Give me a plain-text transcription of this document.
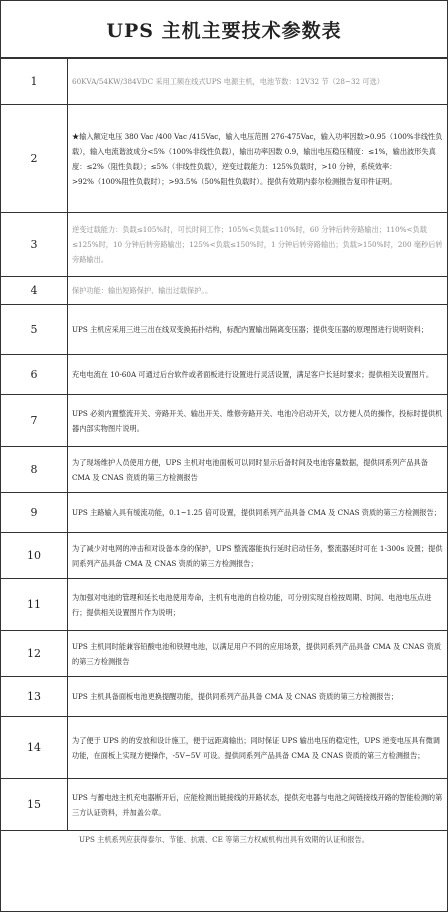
UPS 主机主要技术参数表
1	60KVA/54KW/384VDC 采用工频在线式UPS 电源主机，电池节数：12V32 节（28~32 可选）
2	★输入额定电压 380 Vac /400 Vac /415Vac，输入电压范围 276-475Vac，输入功率因数>0.95（100%非线性负载），输入电流谐波成分<5%（100%非线性负载），输出功率因数 0.9，输出电压稳压精度：≤1%，输出波形失真度：≤2%（阻性负载）；≤5%（非线性负载），逆变过载能力：125%负载时，>10 分钟，系统效率：>92%（100%阻性负载时）；>93.5%（50%阻性负载时）。提供有效期内泰尔检测报告复印件证明。
3	逆变过载能力：负载≤105%时，可长时间工作；105%<负载≤110%时，60 分钟后转旁路输出；110%<负载≤125%时，10 分钟后转旁路输出；125%<负载≤150%时，1 分钟后转旁路输出；负载>150%时，200 毫秒后转旁路输出。
4	保护功能：输出短路保护、输出过载保护。。
5	UPS 主机应采用三进三出在线双变换拓扑结构，标配内置输出隔离变压器；提供变压器的原理图进行说明资料；
6	充电电流在 10-60A 可通过后台软件或者面板进行设置进行灵活设置，满足客户长延时要求；提供相关设置图片。
7	UPS 必须内置整流开关、旁路开关、输出开关、维修旁路开关、电池冷启动开关，以方便人员的操作，投标时提供机器内部实物图片说明。
8	为了现场维护人员使用方便，UPS 主机对电池面板可以同时显示后备时间及电池容量数据，提供同系列产品具备 CMA 及 CNAS 资质的第三方检测报告
9	UPS 主路输入具有缓流功能，0.1~1.25 倍可设置，提供同系列产品具备 CMA 及 CNAS 资质的第三方检测报告；
10	为了减少对电网的冲击和对设备本身的保护，UPS 整流器能执行延时启动任务，整流器延时可在 1-300s 设置；提供同系列产品具备 CMA 及 CNAS 资质的第三方检测报告；
11	为加强对电池的管理和延长电池使用寿命，主机有电池的自检功能，可分别实现自检按周期、时间、电池电压点进行；提供相关设置图片作为说明；
12	UPS 主机同时能兼容铅酸电池和铁锂电池，以满足用户不同的应用场景，提供同系列产品具备 CMA 及 CNAS 资质的第三方检测报告
13	UPS 主机具备面板电池更换提醒功能，提供同系列产品具备 CMA 及 CNAS 资质的第三方检测报告；
14	为了便于 UPS 的的安放和设计施工，便于远距离输出；同时保证 UPS 输出电压的稳定性，UPS 逆变电压具有微调功能，在面板上实现方便操作，-5V~5V 可设。提供同系列产品具备 CMA 及 CNAS 资质的第三方检测报告；
15	UPS 与蓄电池主机充电器断开后，应能检测出链接线的开路状态，提供充电器与电池之间链接线开路的智能检测的第三方认证资料，并加盖公章。
UPS 主机系列应获得泰尔、节能、抗震、CE 等第三方权威机构出具有效期的认证和报告。
